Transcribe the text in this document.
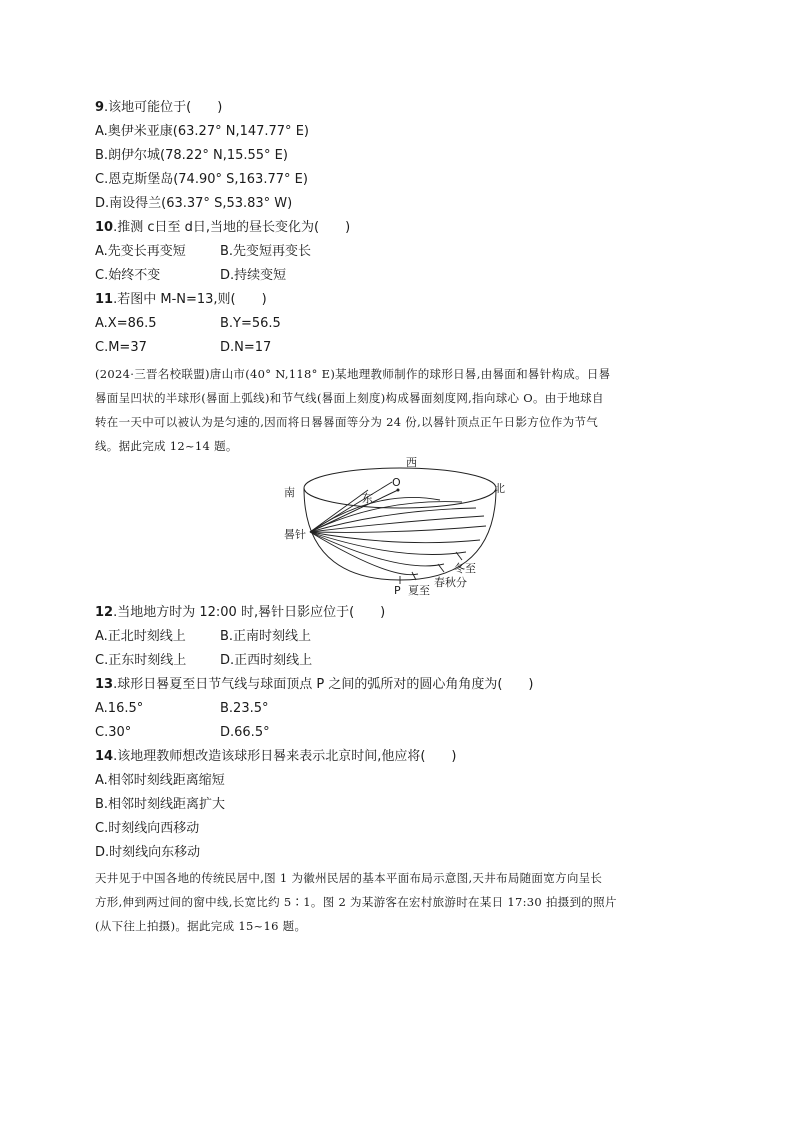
9.该地可能位于(　　)
A.奥伊米亚康(63.27° N,147.77° E)
B.朗伊尔城(78.22° N,15.55° E)
C.恩克斯堡岛(74.90° S,163.77° E)
D.南设得兰(63.37° S,53.83° W)
10.推测 c日至 d日,当地的昼长变化为(　　)
A.先变长再变短	B.先变短再变长
C.始终不变	D.持续变短
11.若图中 M-N=13,则(　　)
A.X=86.5	B.Y=56.5
C.M=37	D.N=17
(2024·三晋名校联盟)唐山市(40° N,118° E)某地理教师制作的球形日晷,由晷面和晷针构成。日晷
晷面呈凹状的半球形(晷面上弧线)和节气线(晷面上刻度)构成晷面刻度网,指向球心 O。由于地球自
转在一天中可以被认为是匀速的,因而将日晷晷面等分为 24 份,以晷针顶点正午日影方位作为节气
线。据此完成 12~14 题。
西
南	东
北
O
晷针
P 夏至
春秋分
冬至
12.当地地方时为 12:00 时,晷针日影应位于(　　)
A.正北时刻线上	B.正南时刻线上
C.正东时刻线上	D.正西时刻线上
13.球形日晷夏至日节气线与球面顶点 P 之间的弧所对的圆心角角度为(　　)
A.16.5°	B.23.5°
C.30°	D.66.5°
14.该地理教师想改造该球形日晷来表示北京时间,他应将(　　)
A.相邻时刻线距离缩短
B.相邻时刻线距离扩大
C.时刻线向西移动
D.时刻线向东移动
天井见于中国各地的传统民居中,图 1 为徽州民居的基本平面布局示意图,天井布局随面宽方向呈长
方形,伸到两过间的窗中线,长宽比约 5∶1。图 2 为某游客在宏村旅游时在某日 17:30 拍摄到的照片
(从下往上拍摄)。据此完成 15~16 题。
